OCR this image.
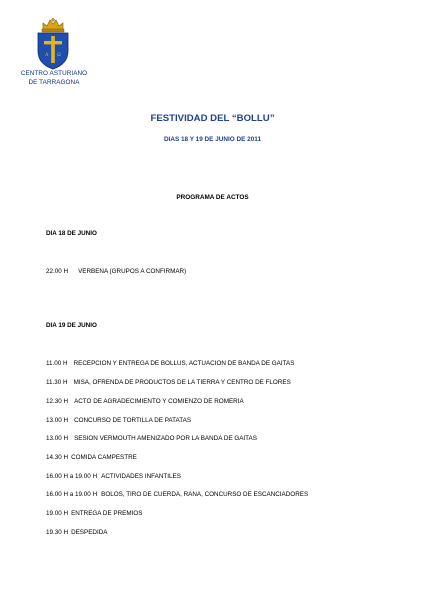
A Ω
CENTRO ASTURIANO
DE TARRAGONA
FESTIVIDAD DEL “BOLLU”
DIAS 18 Y 19 DE JUNIO DE 2011
PROGRAMA DE ACTOS
DIA 18 DE JUNIO
22.00 H VERBENA (GRUPOS A CONFIRMAR)
DIA 19 DE JUNIO
11.00 H RECEPCION Y ENTREGA DE BOLLUS, ACTUACION DE BANDA DE GAITAS
11.30 H MISA, OFRENDA DE PRODUCTOS DE LA TIERRA Y CENTRO DE FLORES
12.30 H ACTO DE AGRADECIMIENTO Y COMIENZO DE ROMERIA
13.00 H CONCURSO DE TORTILLA DE PATATAS
13.00 H SESION VERMOUTH AMENIZADO POR LA BANDA DE GAITAS
14.30 H COMIDA CAMPESTRE
16.00 H a 19.00 H ACTIVIDADES INFANTILES
16.00 H a 19.00 H BOLOS, TIRO DE CUERDA, RANA, CONCURSO DE ESCANCIADORES
19.00 H ENTREGA DE PREMIOS
19.30 H DESPEDIDA
